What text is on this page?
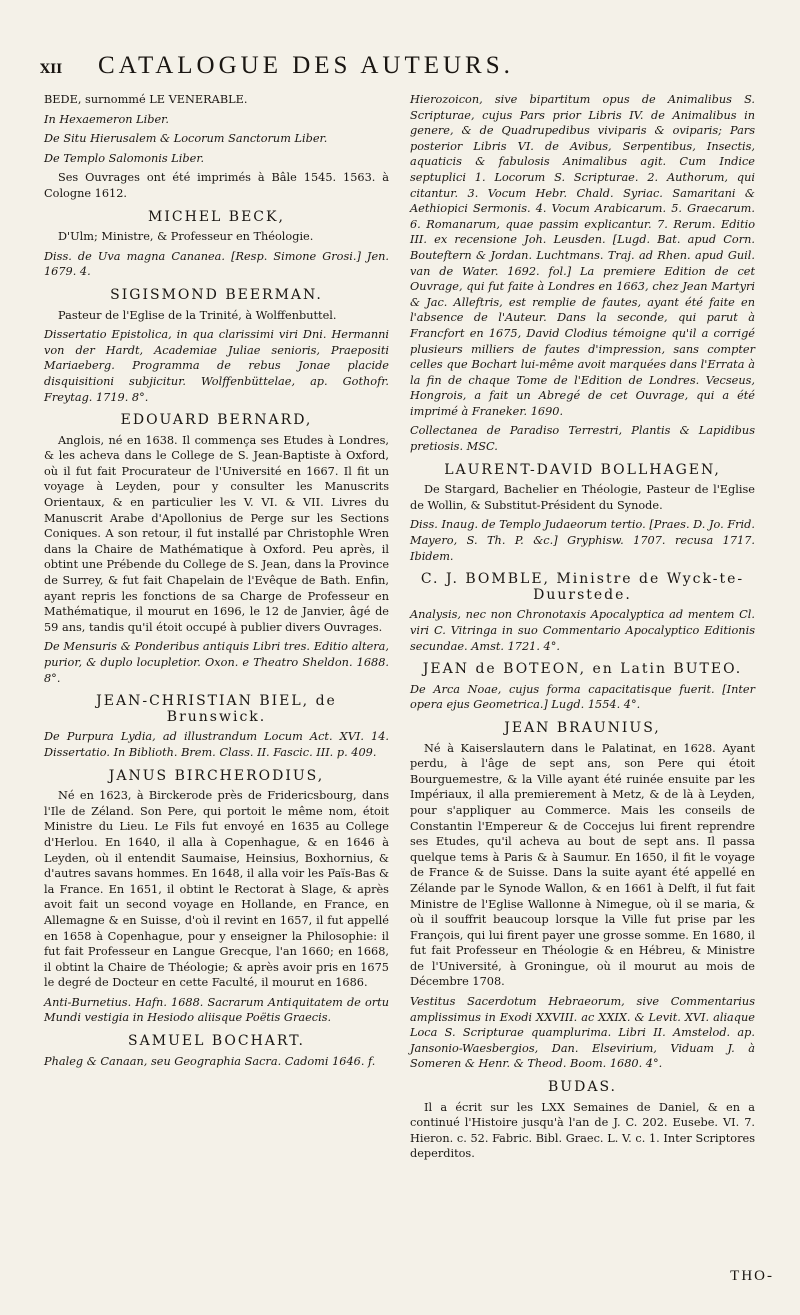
XII CATALOGUE DES AUTEURS.

BEDE, surnommé LE VENERABLE.

In Hexaemeron Liber.

De Situ Hierusalem & Locorum Sanctorum Liber.

De Templo Salomonis Liber.

Ses Ouvrages ont été imprimés à Bâle 1545. 1563. à Cologne 1612.

MICHEL BECK,

D'Ulm; Ministre, & Professeur en Théologie.

Diss. de Uva magna Cananea. [Resp. Simone Grosi.] Jen. 1679. 4.

SIGISMOND BEERMAN.

Pasteur de l'Eglise de la Trinité, à Wolffenbuttel.

Dissertatio Epistolica, in qua clarissimi viri Dni. Hermanni von der Hardt, Academiae Juliae senioris, Praepositi Mariaeberg. Programma de rebus Jonae placide disquisitioni subjicitur. Wolffenbüttelae, ap. Gothofr. Freytag. 1719. 8°.

EDOUARD BERNARD,

Anglois, né en 1638. Il commença ses Etudes à Londres, & les acheva dans le College de S. Jean-Baptiste à Oxford, où il fut fait Procurateur de l'Université en 1667. Il fit un voyage à Leyden, pour y consulter les Manuscrits Orientaux, & en particulier les V. VI. & VII. Livres du Manuscrit Arabe d'Apollonius de Perge sur les Sections Coniques. A son retour, il fut installé par Christophle Wren dans la Chaire de Mathématique à Oxford. Peu après, il obtint une Prébende du College de S. Jean, dans la Province de Surrey, & fut fait Chapelain de l'Evêque de Bath. Enfin, ayant repris les fonctions de sa Charge de Professeur en Mathématique, il mourut en 1696, le 12 de Janvier, âgé de 59 ans, tandis qu'il étoit occupé à publier divers Ouvrages.

De Mensuris & Ponderibus antiquis Libri tres. Editio altera, purior, & duplo locupletior. Oxon. e Theatro Sheldon. 1688. 8°.

JEAN-CHRISTIAN BIEL, de Brunswick.

De Purpura Lydia, ad illustrandum Locum Act. XVI. 14. Dissertatio. In Biblioth. Brem. Class. II. Fascic. III. p. 409.

JANUS BIRCHERODIUS,

Né en 1623, à Birckerode près de Fridericsbourg, dans l'Ile de Zéland. Son Pere, qui portoit le même nom, étoit Ministre du Lieu. Le Fils fut envoyé en 1635 au College d'Herlou. En 1640, il alla à Copenhague, & en 1646 à Leyden, où il entendit Saumaise, Heinsius, Boxhornius, & d'autres savans hommes. En 1648, il alla voir les Païs-Bas & la France. En 1651, il obtint le Rectorat à Slage, & après avoit fait un second voyage en Hollande, en France, en Allemagne & en Suisse, d'où il revint en 1657, il fut appellé en 1658 à Copenhague, pour y enseigner la Philosophie: il fut fait Professeur en Langue Grecque, l'an 1660; en 1668, il obtint la Chaire de Théologie; & après avoir pris en 1675 le degré de Docteur en cette Faculté, il mourut en 1686.

Anti-Burnetius. Hafn. 1688. Sacrarum Antiquitatem de ortu Mundi vestigia in Hesiodo aliisque Poëtis Graecis.

SAMUEL BOCHART.

Phaleg & Canaan, seu Geographia Sacra. Cadomi 1646. f.

Hierozoicon, sive bipartitum opus de Animalibus S. Scripturae, cujus Pars prior Libris IV. de Animalibus in genere, & de Quadrupedibus viviparis & oviparis; Pars posterior Libris VI. de Avibus, Serpentibus, Insectis, aquaticis & fabulosis Animalibus agit. Cum Indice septuplici 1. Locorum S. Scripturae. 2. Authorum, qui citantur. 3. Vocum Hebr. Chald. Syriac. Samaritani & Aethiopici Sermonis. 4. Vocum Arabicarum. 5. Graecarum. 6. Romanarum, quae passim explicantur. 7. Rerum. Editio III. ex recensione Joh. Leusden. [Lugd. Bat. apud Corn. Bouteftern & Jordan. Luchtmans. Traj. ad Rhen. apud Guil. van de Water. 1692. fol.] La premiere Edition de cet Ouvrage, qui fut faite à Londres en 1663, chez Jean Martyri & Jac. Alleftris, est remplie de fautes, ayant été faite en l'absence de l'Auteur. Dans la seconde, qui parut à Francfort en 1675, David Clodius témoigne qu'il a corrigé plusieurs milliers de fautes d'impression, sans compter celles que Bochart lui-même avoit marquées dans l'Errata à la fin de chaque Tome de l'Edition de Londres. Vecseus, Hongrois, a fait un Abregé de cet Ouvrage, qui a été imprimé à Franeker. 1690.

Collectanea de Paradiso Terrestri, Plantis & Lapidibus pretiosis. MSC.

LAURENT-DAVID BOLLHAGEN,

De Stargard, Bachelier en Théologie, Pasteur de l'Eglise de Wollin, & Substitut-Président du Synode.

Diss. Inaug. de Templo Judaeorum tertio. [Praes. D. Jo. Frid. Mayero, S. Th. P. &c.] Gryphisw. 1707. recusa 1717. Ibidem.

C. J. BOMBLE, Ministre de Wyck-te-Duurstede.

Analysis, nec non Chronotaxis Apocalyptica ad mentem Cl. viri C. Vitringa in suo Commentario Apocalyptico Editionis secundae. Amst. 1721. 4°.

JEAN de BOTEON, en Latin BUTEO.

De Arca Noae, cujus forma capacitatisque fuerit. [Inter opera ejus Geometrica.] Lugd. 1554. 4°.

JEAN BRAUNIUS,

Né à Kaiserslautern dans le Palatinat, en 1628. Ayant perdu, à l'âge de sept ans, son Pere qui étoit Bourguemestre, & la Ville ayant été ruinée ensuite par les Impériaux, il alla premierement à Metz, & de là à Leyden, pour s'appliquer au Commerce. Mais les conseils de Constantin l'Empereur & de Coccejus lui firent reprendre ses Etudes, qu'il acheva au bout de sept ans. Il passa quelque tems à Paris & à Saumur. En 1650, il fit le voyage de France & de Suisse. Dans la suite ayant été appellé en Zélande par le Synode Wallon, & en 1661 à Delft, il fut fait Ministre de l'Eglise Wallonne à Nimegue, où il se maria, & où il souffrit beaucoup lorsque la Ville fut prise par les François, qui lui firent payer une grosse somme. En 1680, il fut fait Professeur en Théologie & en Hébreu, & Ministre de l'Université, à Groningue, où il mourut au mois de Décembre 1708.

Vestitus Sacerdotum Hebraeorum, sive Commentarius amplissimus in Exodi XXVIII. ac XXIX. & Levit. XVI. aliaque Loca S. Scripturae quamplurima. Libri II. Amstelod. ap. Jansonio-Waesbergios, Dan. Elsevirium, Viduam J. à Someren & Henr. & Theod. Boom. 1680. 4°.

BUDAS.

Il a écrit sur les LXX Semaines de Daniel, & en a continué l'Histoire jusqu'à l'an de J. C. 202. Eusebe. VI. 7. Hieron. c. 52. Fabric. Bibl. Graec. L. V. c. 1. Inter Scriptores deperditos.

THO-
